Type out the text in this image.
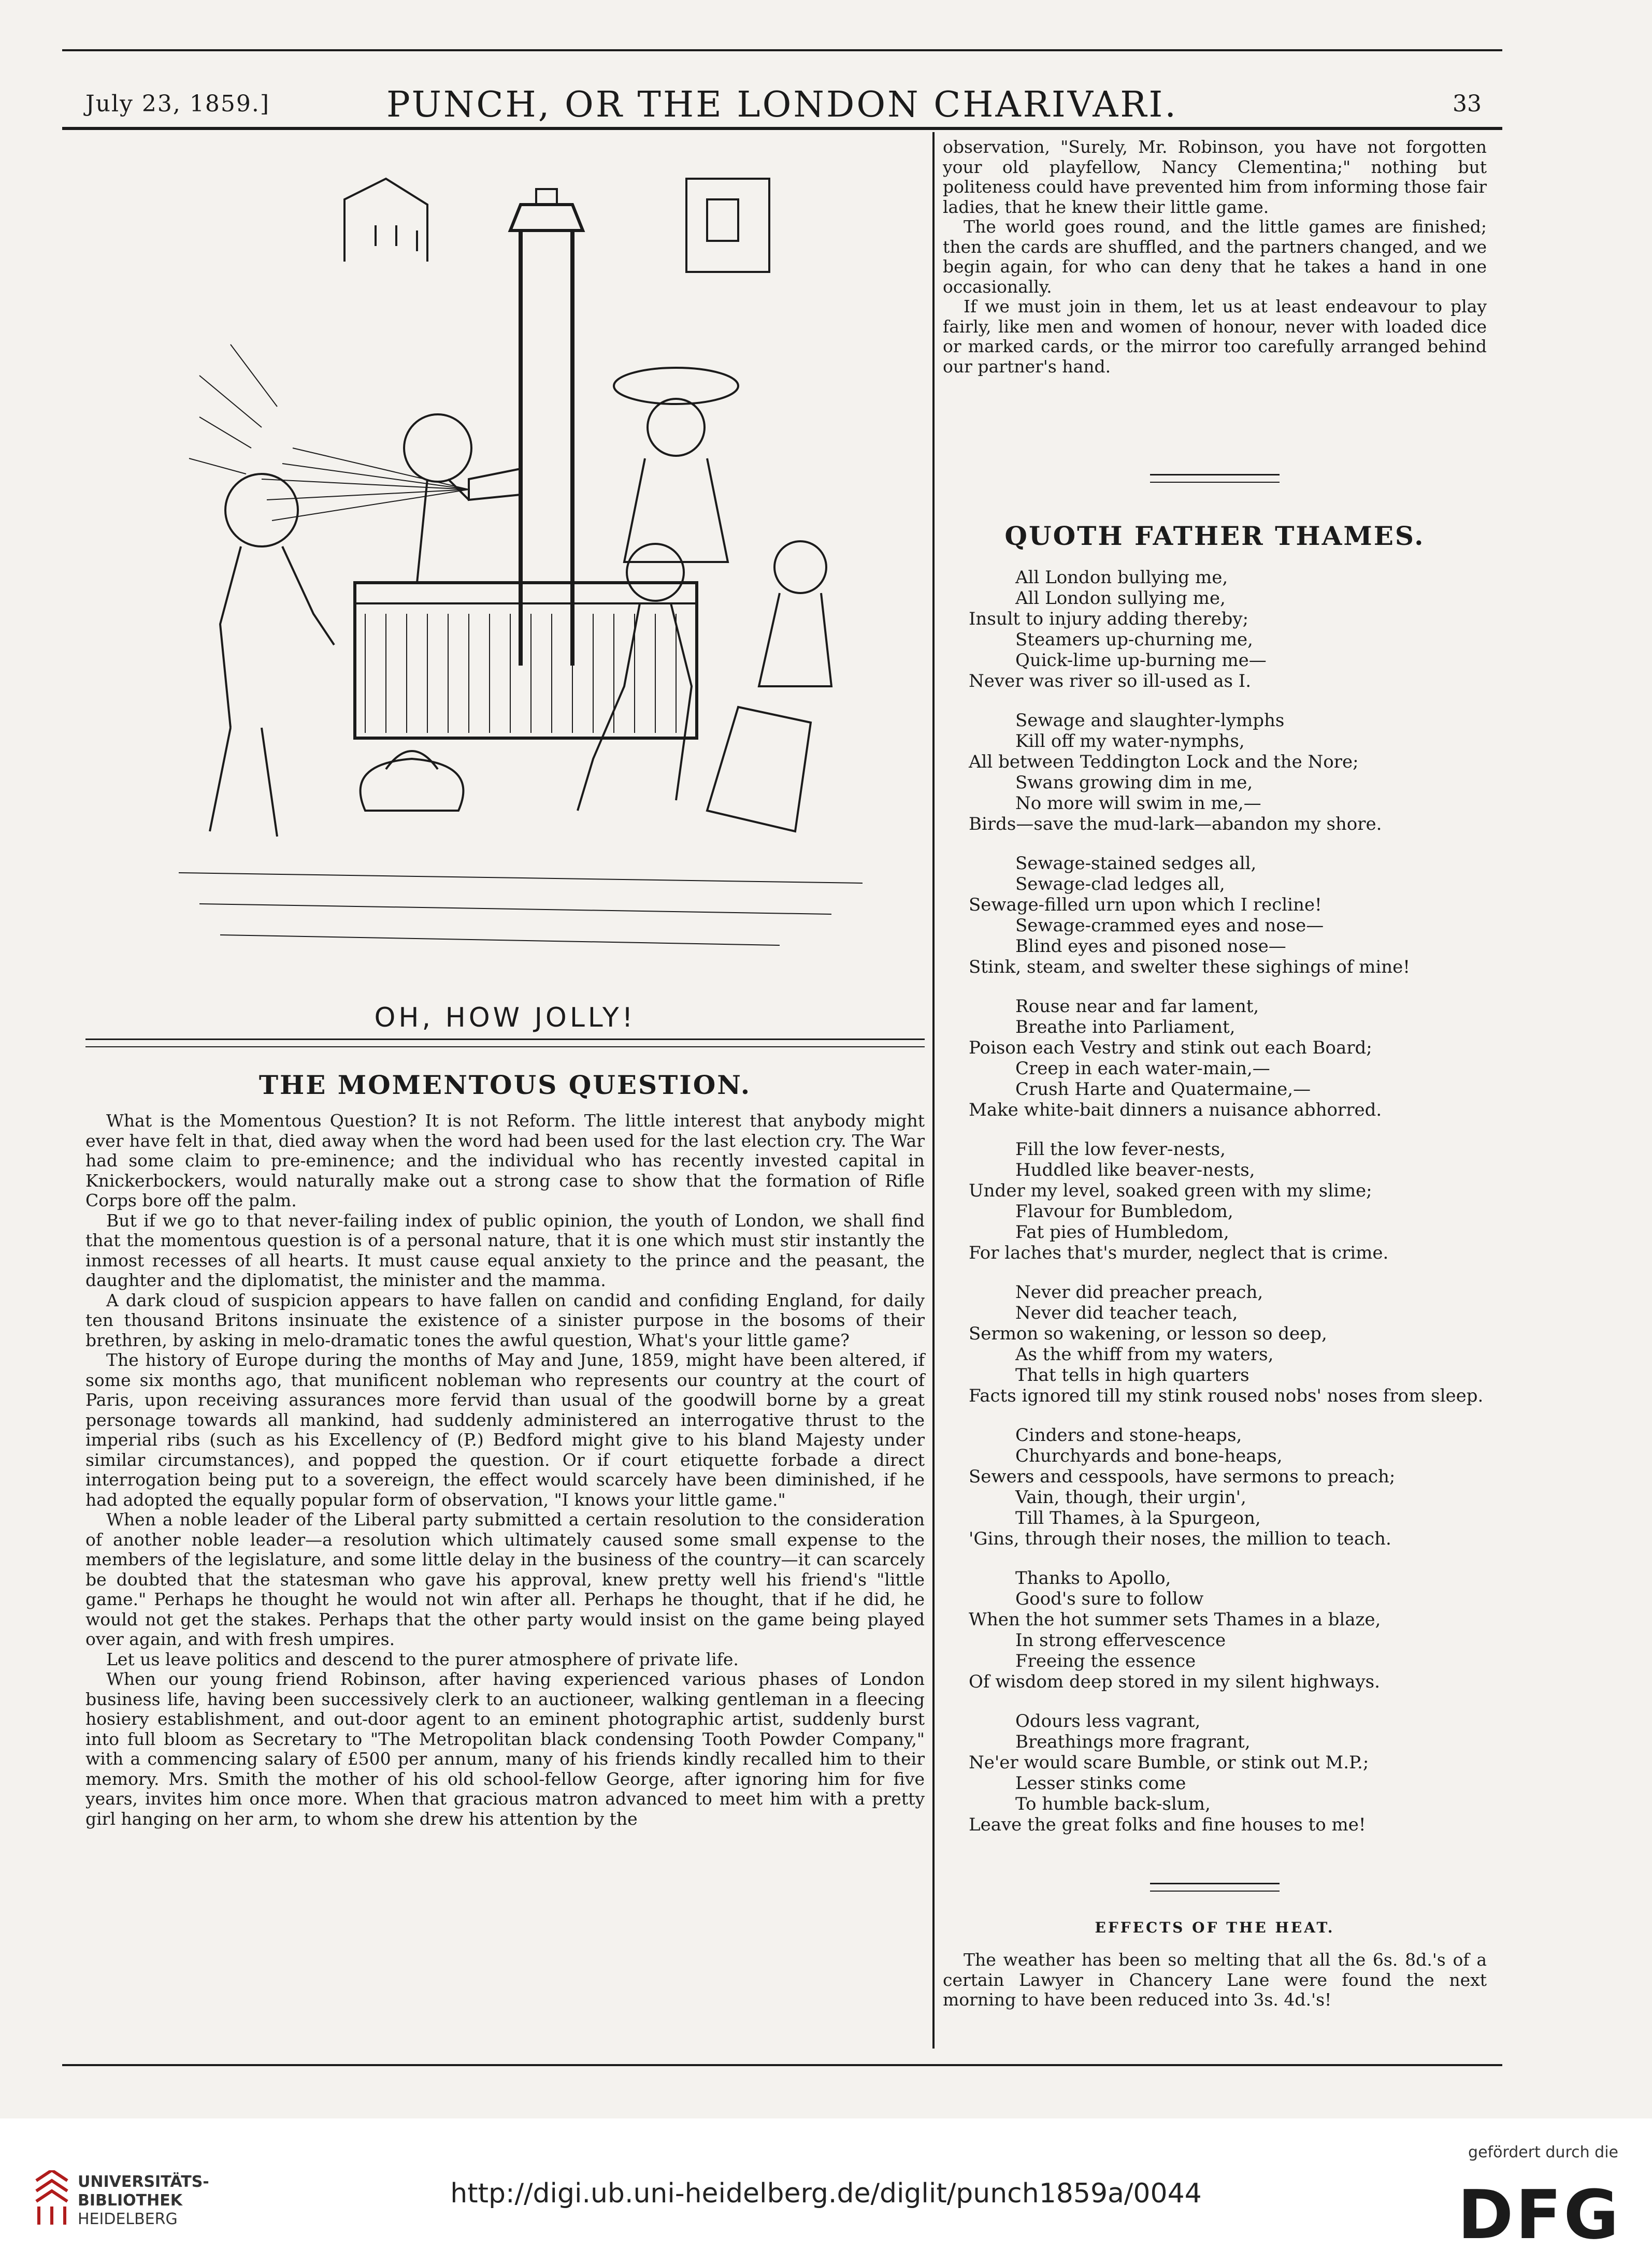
July 23, 1859.]	PUNCH, OR THE LONDON CHARIVARI.	33
OH, HOW JOLLY!
THE MOMENTOUS QUESTION.

What is the Momentous Question? It is not Reform. The little interest that anybody might ever have felt in that, died away when the word had been used for the last election cry. The War had some claim to pre-eminence; and the individual who has recently invested capital in Knickerbockers, would naturally make out a strong case to show that the formation of Rifle Corps bore off the palm.

But if we go to that never-failing index of public opinion, the youth of London, we shall find that the momentous question is of a personal nature, that it is one which must stir instantly the inmost recesses of all hearts. It must cause equal anxiety to the prince and the peasant, the daughter and the diplomatist, the minister and the mamma.

A dark cloud of suspicion appears to have fallen on candid and confiding England, for daily ten thousand Britons insinuate the existence of a sinister purpose in the bosoms of their brethren, by asking in melo-dramatic tones the awful question, What's your little game?

The history of Europe during the months of May and June, 1859, might have been altered, if some six months ago, that munificent nobleman who represents our country at the court of Paris, upon receiving assurances more fervid than usual of the goodwill borne by a great personage towards all mankind, had suddenly administered an interrogative thrust to the imperial ribs (such as his Excellency of (P.) Bedford might give to his bland Majesty under similar circumstances), and popped the question. Or if court etiquette forbade a direct interrogation being put to a sovereign, the effect would scarcely have been diminished, if he had adopted the equally popular form of observation, "I knows your little game."

When a noble leader of the Liberal party submitted a certain resolution to the consideration of another noble leader—a resolution which ultimately caused some small expense to the members of the legislature, and some little delay in the business of the country—it can scarcely be doubted that the statesman who gave his approval, knew pretty well his friend's "little game." Perhaps he thought he would not win after all. Perhaps he thought, that if he did, he would not get the stakes. Perhaps that the other party would insist on the game being played over again, and with fresh umpires.

Let us leave politics and descend to the purer atmosphere of private life.

When our young friend Robinson, after having experienced various phases of London business life, having been successively clerk to an auctioneer, walking gentleman in a fleecing hosiery establishment, and out-door agent to an eminent photographic artist, suddenly burst into full bloom as Secretary to "The Metropolitan black condensing Tooth Powder Company," with a commencing salary of £500 per annum, many of his friends kindly recalled him to their memory. Mrs. Smith the mother of his old school-fellow George, after ignoring him for five years, invites him once more. When that gracious matron advanced to meet him with a pretty girl hanging on her arm, to whom she drew his attention by the

observation, "Surely, Mr. Robinson, you have not forgotten your old playfellow, Nancy Clementina;" nothing but politeness could have prevented him from informing those fair ladies, that he knew their little game.

The world goes round, and the little games are finished; then the cards are shuffled, and the partners changed, and we begin again, for who can deny that he takes a hand in one occasionally.

If we must join in them, let us at least endeavour to play fairly, like men and women of honour, never with loaded dice or marked cards, or the mirror too carefully arranged behind our partner's hand.

QUOTH FATHER THAMES.
All London bullying me,
All London sullying me,
Insult to injury adding thereby;
Steamers up-churning me,
Quick-lime up-burning me—
Never was river so ill-used as I.
Sewage and slaughter-lymphs
Kill off my water-nymphs,
All between Teddington Lock and the Nore;
Swans growing dim in me,
No more will swim in me,—
Birds—save the mud-lark—abandon my shore.
Sewage-stained sedges all,
Sewage-clad ledges all,
Sewage-filled urn upon which I recline!
Sewage-crammed eyes and nose—
Blind eyes and pisoned nose—
Stink, steam, and swelter these sighings of mine!
Rouse near and far lament,
Breathe into Parliament,
Poison each Vestry and stink out each Board;
Creep in each water-main,—
Crush Harte and Quatermaine,—
Make white-bait dinners a nuisance abhorred.
Fill the low fever-nests,
Huddled like beaver-nests,
Under my level, soaked green with my slime;
Flavour for Bumbledom,
Fat pies of Humbledom,
For laches that's murder, neglect that is crime.
Never did preacher preach,
Never did teacher teach,
Sermon so wakening, or lesson so deep,
As the whiff from my waters,
That tells in high quarters
Facts ignored till my stink roused nobs' noses from sleep.
Cinders and stone-heaps,
Churchyards and bone-heaps,
Sewers and cesspools, have sermons to preach;
Vain, though, their urgin',
Till Thames, à la Spurgeon,
'Gins, through their noses, the million to teach.
Thanks to Apollo,
Good's sure to follow
When the hot summer sets Thames in a blaze,
In strong effervescence
Freeing the essence
Of wisdom deep stored in my silent highways.
Odours less vagrant,
Breathings more fragrant,
Ne'er would scare Bumble, or stink out M.P.;
Lesser stinks come
To humble back-slum,
Leave the great folks and fine houses to me!
EFFECTS OF THE HEAT.

The weather has been so melting that all the 6s. 8d.'s of a certain Lawyer in Chancery Lane were found the next morning to have been reduced into 3s. 4d.'s!

UNIVERSITÄTS-
BIBLIOTHEK
HEIDELBERG
http://digi.ub.uni-heidelberg.de/diglit/punch1859a/0044
gefördert durch die
DFG
